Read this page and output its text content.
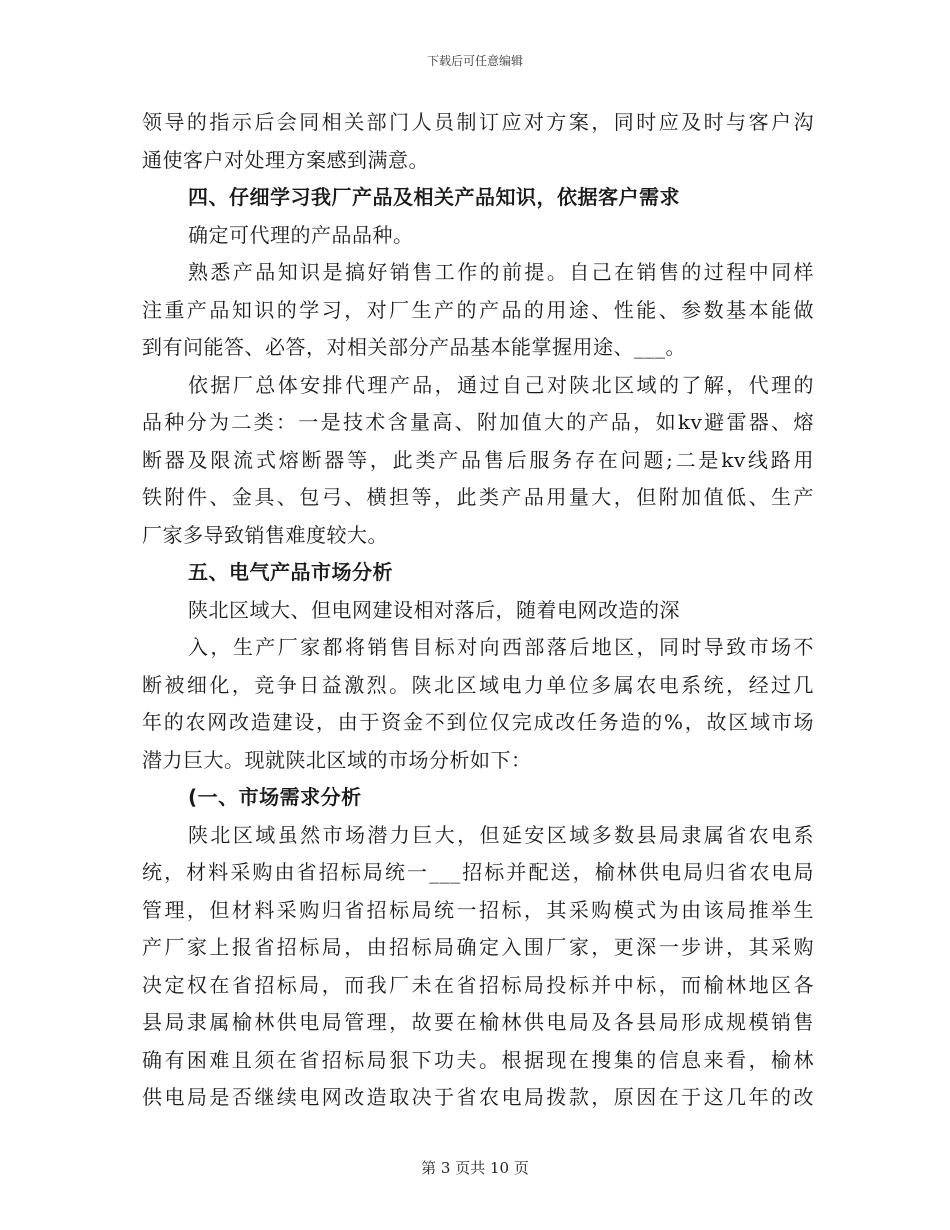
下载后可任意编辑
领导的指示后会同相关部门人员制订应对方案，同时应及时与客户沟
通使客户对处理方案感到满意。
四、仔细学习我厂产品及相关产品知识，依据客户需求
确定可代理的产品品种。
熟悉产品知识是搞好销售工作的前提。自己在销售的过程中同样
注重产品知识的学习，对厂生产的产品的用途、性能、参数基本能做
到有问能答、必答，对相关部分产品基本能掌握用途、___。
依据厂总体安排代理产品，通过自己对陕北区域的了解，代理的
品种分为二类：一是技术含量高、附加值大的产品，如kv避雷器、熔
断器及限流式熔断器等，此类产品售后服务存在问题;二是kv线路用
铁附件、金具、包弓、横担等，此类产品用量大，但附加值低、生产
厂家多导致销售难度较大。
五、电气产品市场分析
陕北区域大、但电网建设相对落后，随着电网改造的深
入，生产厂家都将销售目标对向西部落后地区，同时导致市场不
断被细化，竞争日益激烈。陕北区域电力单位多属农电系统，经过几
年的农网改造建设，由于资金不到位仅完成改任务造的%，故区域市场
潜力巨大。现就陕北区域的市场分析如下：
(一、市场需求分析
陕北区域虽然市场潜力巨大，但延安区域多数县局隶属省农电系
统，材料采购由省招标局统一___招标并配送，榆林供电局归省农电局
管理，但材料采购归省招标局统一招标，其采购模式为由该局推举生
产厂家上报省招标局，由招标局确定入围厂家，更深一步讲，其采购
决定权在省招标局，而我厂未在省招标局投标并中标，而榆林地区各
县局隶属榆林供电局管理，故要在榆林供电局及各县局形成规模销售
确有困难且须在省招标局狠下功夫。根据现在搜集的信息来看，榆林
供电局是否继续电网改造取决于省农电局拨款，原因在于这几年的改
第 3 页共 10 页
